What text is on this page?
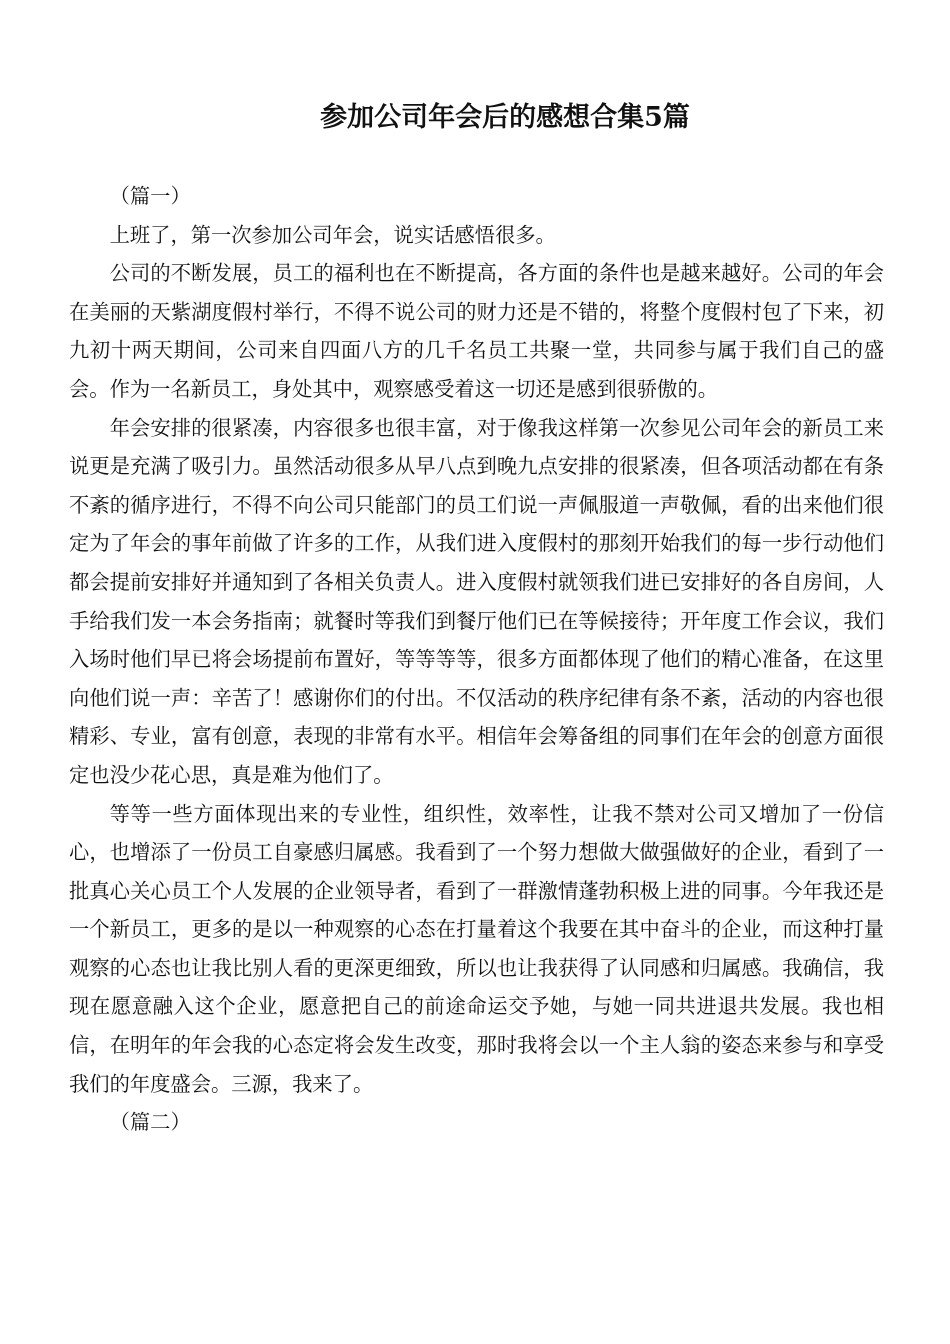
参加公司年会后的感想合集5篇

（篇一）

上班了，第一次参加公司年会，说实话感悟很多。

公司的不断发展，员工的福利也在不断提高，各方面的条件也是越来越好。公司的年会在美丽的天紫湖度假村举行，不得不说公司的财力还是不错的，将整个度假村包了下来，初九初十两天期间，公司来自四面八方的几千名员工共聚一堂，共同参与属于我们自己的盛会。作为一名新员工，身处其中，观察感受着这一切还是感到很骄傲的。

年会安排的很紧凑，内容很多也很丰富，对于像我这样第一次参见公司年会的新员工来说更是充满了吸引力。虽然活动很多从早八点到晚九点安排的很紧凑，但各项活动都在有条不紊的循序进行，不得不向公司只能部门的员工们说一声佩服道一声敬佩，看的出来他们很定为了年会的事年前做了许多的工作，从我们进入度假村的那刻开始我们的每一步行动他们都会提前安排好并通知到了各相关负责人。进入度假村就领我们进已安排好的各自房间，人手给我们发一本会务指南；就餐时等我们到餐厅他们已在等候接待；开年度工作会议，我们入场时他们早已将会场提前布置好，等等等等，很多方面都体现了他们的精心准备，在这里向他们说一声：辛苦了！感谢你们的付出。不仅活动的秩序纪律有条不紊，活动的内容也很精彩、专业，富有创意，表现的非常有水平。相信年会筹备组的同事们在年会的创意方面很定也没少花心思，真是难为他们了。

等等一些方面体现出来的专业性，组织性，效率性，让我不禁对公司又增加了一份信心，也增添了一份员工自豪感归属感。我看到了一个努力想做大做强做好的企业，看到了一批真心关心员工个人发展的企业领导者，看到了一群激情蓬勃积极上进的同事。今年我还是一个新员工，更多的是以一种观察的心态在打量着这个我要在其中奋斗的企业，而这种打量观察的心态也让我比别人看的更深更细致，所以也让我获得了认同感和归属感。我确信，我现在愿意融入这个企业，愿意把自己的前途命运交予她，与她一同共进退共发展。我也相信，在明年的年会我的心态定将会发生改变，那时我将会以一个主人翁的姿态来参与和享受我们的年度盛会。三源，我来了。

（篇二）
